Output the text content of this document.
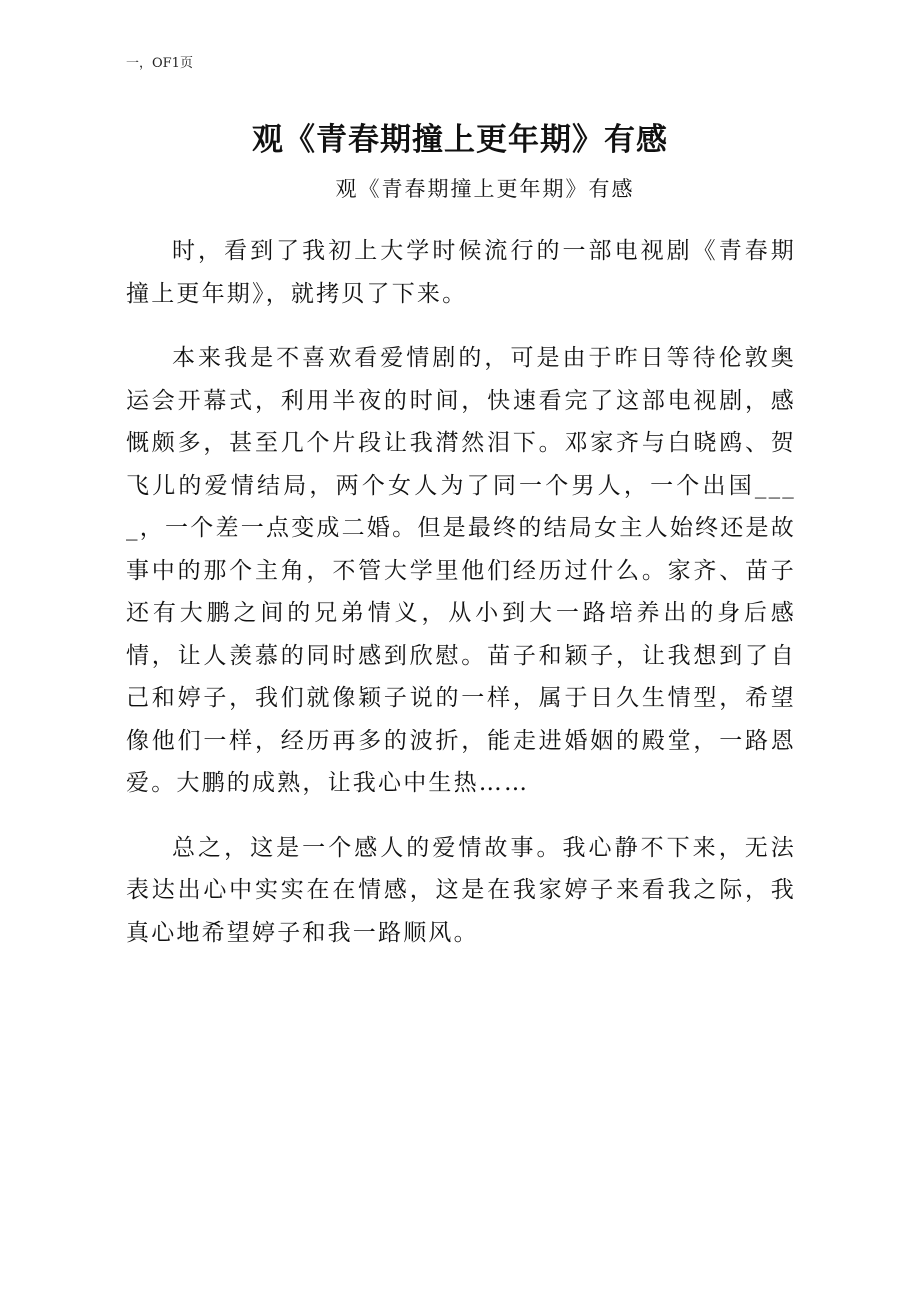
一，OF1页
观《青春期撞上更年期》有感
观《青春期撞上更年期》有感

时，看到了我初上大学时候流行的一部电视剧《青春期撞上更年期》，就拷贝了下来。

本来我是不喜欢看爱情剧的，可是由于昨日等待伦敦奥运会开幕式，利用半夜的时间，快速看完了这部电视剧，感慨颇多，甚至几个片段让我潸然泪下。邓家齐与白晓鸥、贺飞儿的爱情结局，两个女人为了同一个男人，一个出国____，一个差一点变成二婚。但是最终的结局女主人始终还是故事中的那个主角，不管大学里他们经历过什么。家齐、苗子还有大鹏之间的兄弟情义，从小到大一路培养出的身后感情，让人羡慕的同时感到欣慰。苗子和颖子，让我想到了自己和婷子，我们就像颖子说的一样，属于日久生情型，希望像他们一样，经历再多的波折，能走进婚姻的殿堂，一路恩爱。大鹏的成熟，让我心中生热……

总之，这是一个感人的爱情故事。我心静不下来，无法表达出心中实实在在情感，这是在我家婷子来看我之际，我真心地希望婷子和我一路顺风。
